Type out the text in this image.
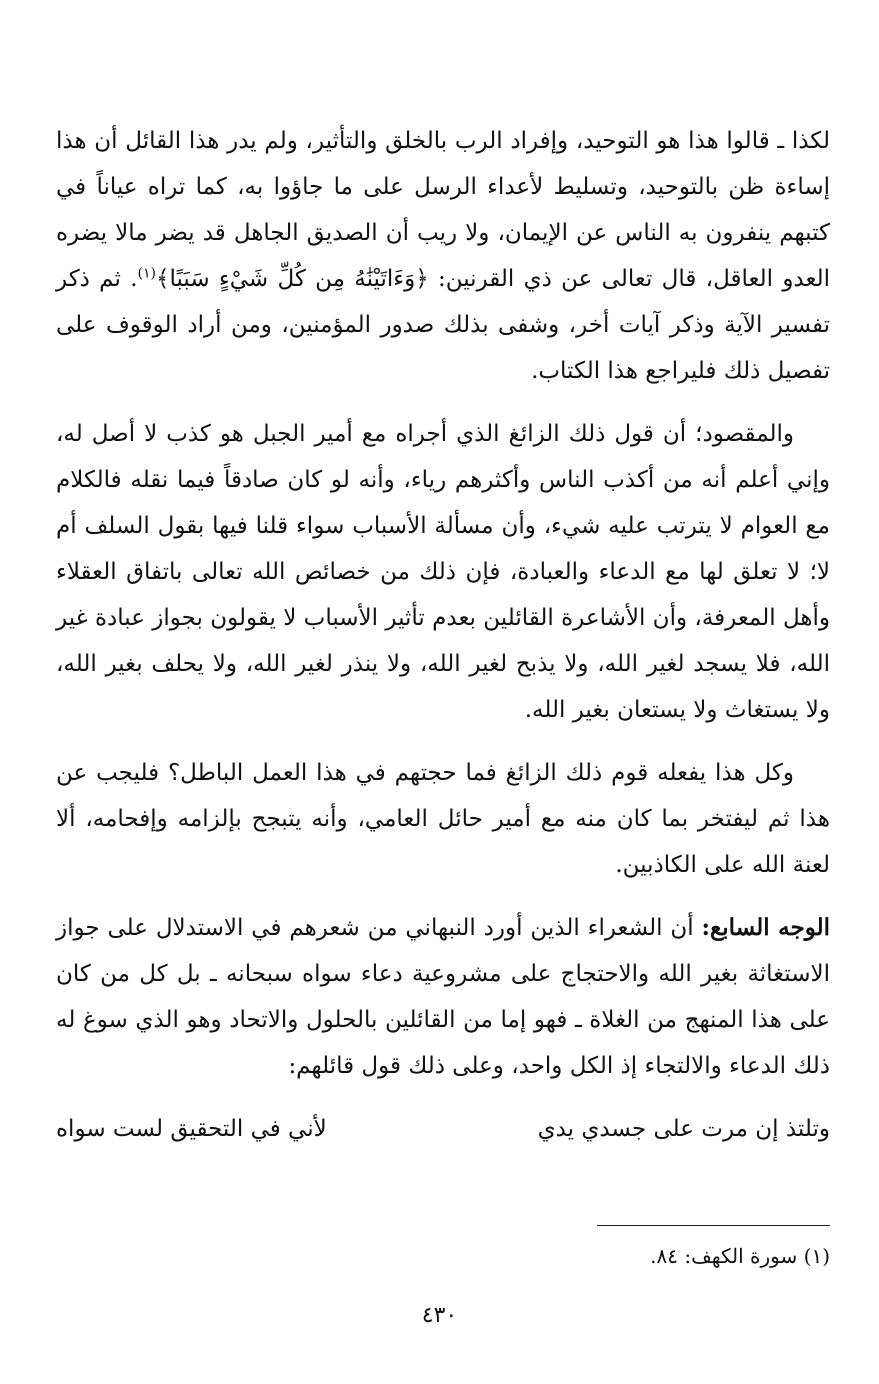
لكذا ـ قالوا هذا هو التوحيد، وإفراد الرب بالخلق والتأثير، ولم يدر هذا القائل أن هذا إساءة ظن بالتوحيد، وتسليط لأعداء الرسل على ما جاؤوا به، كما تراه عياناً في كتبهم ينفرون به الناس عن الإيمان، ولا ريب أن الصديق الجاهل قد يضر مالا يضره العدو العاقل، قال تعالى عن ذي القرنين: ﴿وَءَاتَيْنَٰهُ مِن كُلِّ شَيْءٍ سَبَبًا﴾$^{(١)}$. ثم ذكر تفسير الآية وذكر آيات أخر، وشفى بذلك صدور المؤمنين، ومن أراد الوقوف على تفصيل ذلك فليراجع هذا الكتاب.

والمقصود؛ أن قول ذلك الزائغ الذي أجراه مع أمير الجبل هو كذب لا أصل له، وإني أعلم أنه من أكذب الناس وأكثرهم رياء، وأنه لو كان صادقاً فيما نقله فالكلام مع العوام لا يترتب عليه شيء، وأن مسألة الأسباب سواء قلنا فيها بقول السلف أم لا؛ لا تعلق لها مع الدعاء والعبادة، فإن ذلك من خصائص الله تعالى باتفاق العقلاء وأهل المعرفة، وأن الأشاعرة القائلين بعدم تأثير الأسباب لا يقولون بجواز عبادة غير الله، فلا يسجد لغير الله، ولا يذبح لغير الله، ولا ينذر لغير الله، ولا يحلف بغير الله، ولا يستغاث ولا يستعان بغير الله.

وكل هذا يفعله قوم ذلك الزائغ فما حجتهم في هذا العمل الباطل؟ فليجب عن هذا ثم ليفتخر بما كان منه مع أمير حائل العامي، وأنه يتبجح بإلزامه وإفحامه، ألا لعنة الله على الكاذبين.

الوجه السابع: أن الشعراء الذين أورد النبهاني من شعرهم في الاستدلال على جواز الاستغاثة بغير الله والاحتجاج على مشروعية دعاء سواه سبحانه ـ بل كل من كان على هذا المنهج من الغلاة ـ فهو إما من القائلين بالحلول والاتحاد وهو الذي سوغ له ذلك الدعاء والالتجاء إذ الكل واحد، وعلى ذلك قول قائلهم:

وتلتذ إن مرت على جسدي يدي
لأني في التحقيق لست سواه
(١) سورة الكهف: ٨٤.
٤٣٠
